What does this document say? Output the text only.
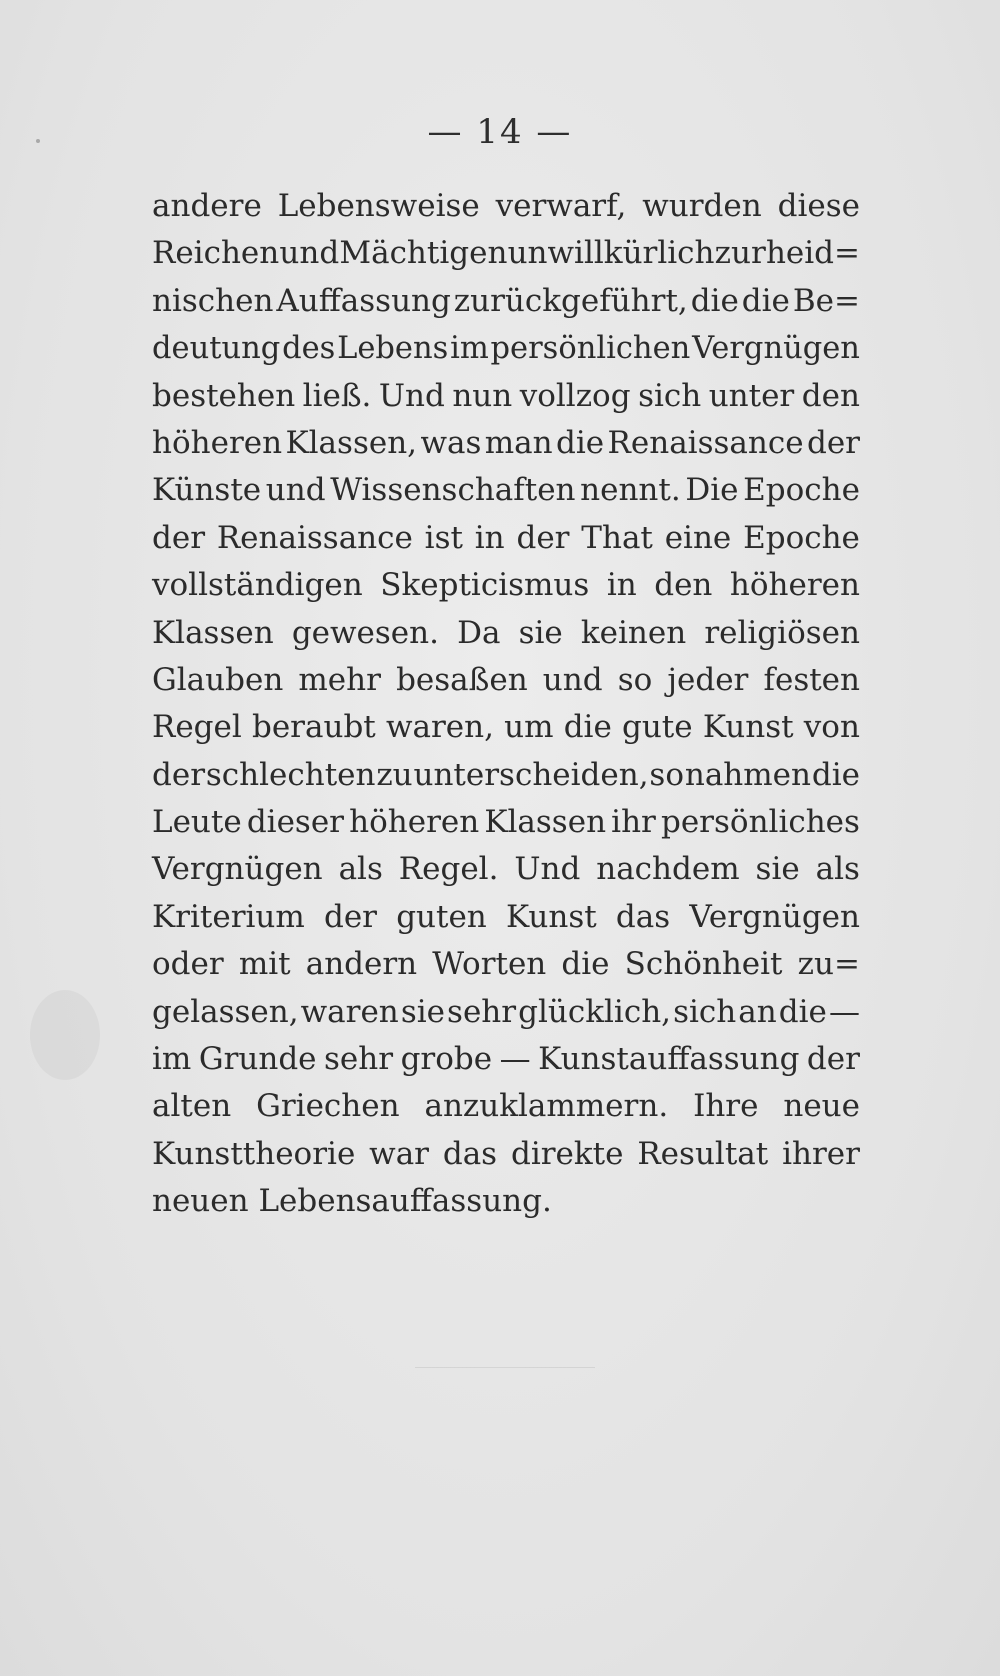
— 14 —
andere Lebensweise verwarf, wurden diese
Reichen und Mächtigen unwillkürlich zur heid=
nischen Auffassung zurückgeführt, die die Be=
deutung des Lebens im persönlichen Vergnügen
bestehen ließ. Und nun vollzog sich unter den
höheren Klassen, was man die Renaissance der
Künste und Wissenschaften nennt. Die Epoche
der Renaissance ist in der That eine Epoche
vollständigen Skepticismus in den höheren
Klassen gewesen. Da sie keinen religiösen
Glauben mehr besaßen und so jeder festen
Regel beraubt waren, um die gute Kunst von
der schlechten zu unterscheiden, so nahmen die
Leute dieser höheren Klassen ihr persönliches
Vergnügen als Regel. Und nachdem sie als
Kriterium der guten Kunst das Vergnügen
oder mit andern Worten die Schönheit zu=
gelassen, waren sie sehr glücklich, sich an die —
im Grunde sehr grobe — Kunstauffassung der
alten Griechen anzuklammern. Ihre neue
Kunsttheorie war das direkte Resultat ihrer
neuen Lebensauffassung.
